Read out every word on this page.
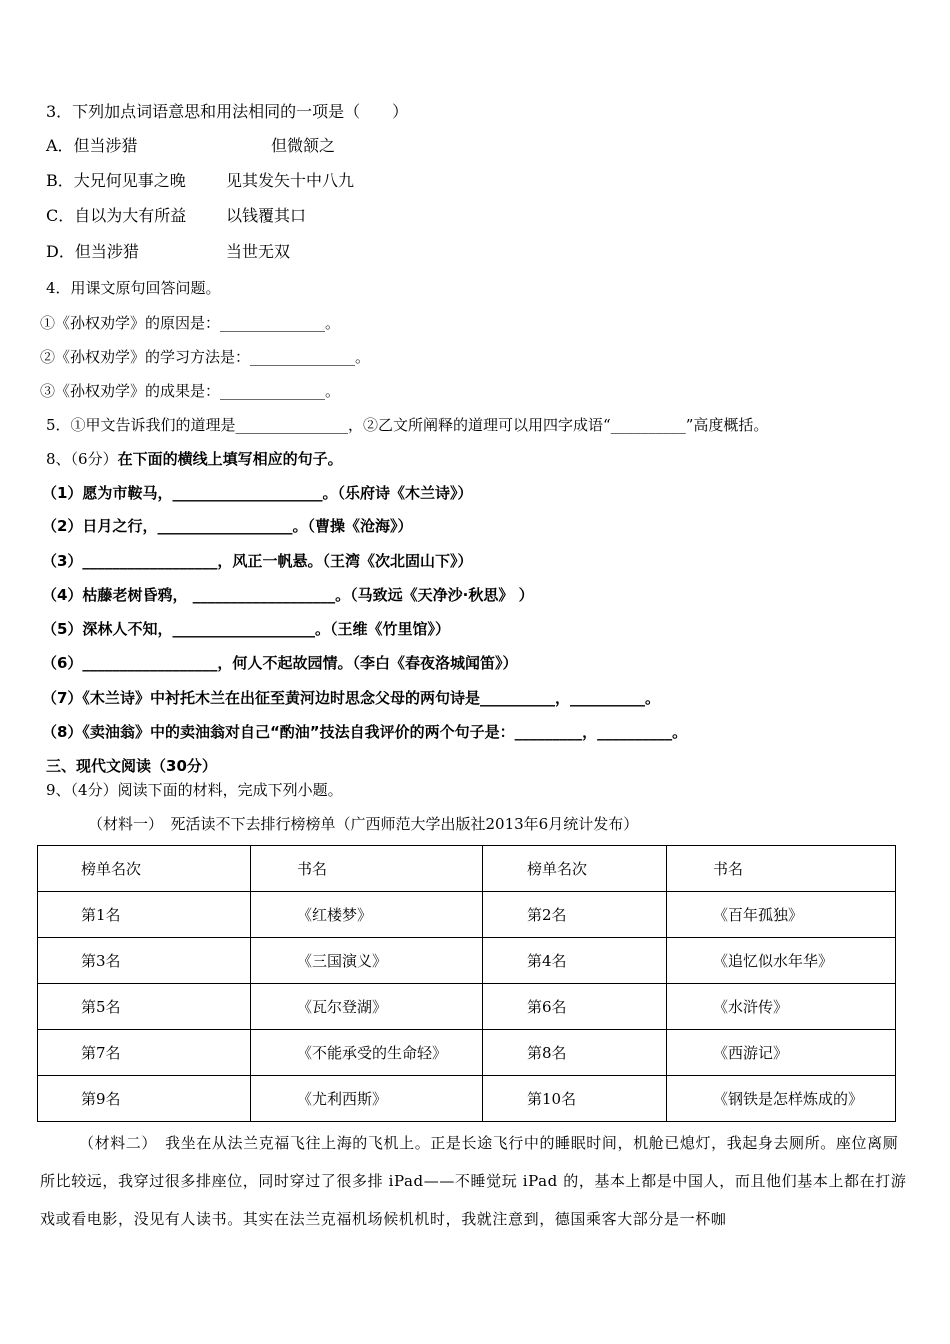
3．下列加点词语意思和用法相同的一项是（　　）
A．但当涉猎	但微颔之
B．大兄何见事之晚	见其发矢十中八九
C．自以为大有所益 以钱覆其口
D．但当涉猎	当世无双
4．用课文原句回答问题。
①《孙权劝学》的原因是：______________。
②《孙权劝学》的学习方法是：______________。
③《孙权劝学》的成果是：______________。
5．①甲文告诉我们的道理是_______________，②乙文所阐释的道理可以用四字成语“__________”高度概括。
8、（6分）在下面的横线上填写相应的句子。
（1）愿为市鞍马，____________________。（乐府诗《木兰诗》）
（2）日月之行，__________________。（曹操《沧海》）
（3）__________________，风正一帆悬。（王湾《次北固山下》）
（4）枯藤老树昏鸦， ___________________。（马致远《天净沙·秋思》 ）
（5）深林人不知，___________________。（王维《竹里馆》）
（6）__________________，何人不起故园情。（李白《春夜洛城闻笛》）
（7）《木兰诗》中衬托木兰在出征至黄河边时思念父母的两句诗是__________，__________。
（8）《卖油翁》中的卖油翁对自己“酌油”技法自我评价的两个句子是：_________，__________。
三、现代文阅读（30分）
9、（4分）阅读下面的材料，完成下列小题。
（材料一）　死活读不下去排行榜榜单（广西师范大学出版社2013年6月统计发布）
榜单名次	书名	榜单名次	书名
第1名	《红楼梦》	第2名	《百年孤独》
第3名	《三国演义》	第4名	《追忆似水年华》
第5名	《瓦尔登湖》	第6名	《水浒传》
第7名	《不能承受的生命轻》	第8名	《西游记》
第9名	《尤利西斯》	第10名	《钢铁是怎样炼成的》
（材料二）　我坐在从法兰克福飞往上海的飞机上。正是长途飞行中的睡眠时间，机舱已熄灯，我起身去厕所。座位离厕所比较远，我穿过很多排座位，同时穿过了很多排 iPad——不睡觉玩 iPad 的，基本上都是中国人，而且他们基本上都在打游戏或看电影，没见有人读书。其实在法兰克福机场候机机时，我就注意到，德国乘客大部分是一杯咖
